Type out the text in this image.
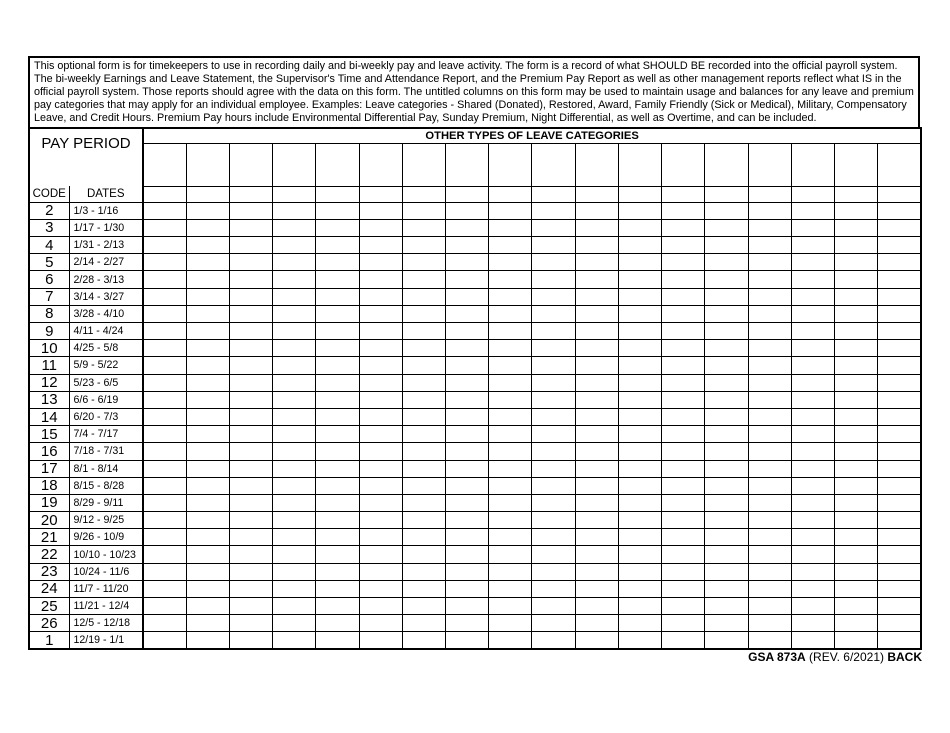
This optional form is for timekeepers to use in recording daily and bi-weekly pay and leave activity. The form is a record of what SHOULD BE recorded into the official payroll system. The bi-weekly Earnings and Leave Statement, the Supervisor's Time and Attendance Report, and the Premium Pay Report as well as other management reports reflect what IS in the official payroll system. Those reports should agree with the data on this form. The untitled columns on this form may be used to maintain usage and balances for any leave and premium pay categories that may apply for an individual employee. Examples: Leave categories - Shared (Donated), Restored, Award, Family Friendly (Sick or Medical), Military, Compensatory Leave, and Credit Hours. Premium Pay hours include Environmental Differential Pay, Sunday Premium, Night Differential, as well as Overtime, and can be included.
PAY PERIOD		OTHER TYPES OF LEAVE CATEGORIES																	

CODE	DATES																		
2	1/3 - 1/16																		
3	1/17 - 1/30																		
4	1/31 - 2/13																		
5	2/14 - 2/27																		
6	2/28 - 3/13																		
7	3/14 - 3/27																		
8	3/28 - 4/10																		
9	4/11 - 4/24																		
10	4/25 - 5/8																		
11	5/9 - 5/22																		
12	5/23 - 6/5																		
13	6/6 - 6/19																		
14	6/20 - 7/3																		
15	7/4 - 7/17																		
16	7/18 - 7/31																		
17	8/1 - 8/14																		
18	8/15 - 8/28																		
19	8/29 - 9/11																		
20	9/12 - 9/25																		
21	9/26 - 10/9																		
22	10/10 - 10/23																		
23	10/24 - 11/6																		
24	11/7 - 11/20																		
25	11/21 - 12/4																		
26	12/5 - 12/18																		
1	12/19 - 1/1																		
GSA 873A (REV. 6/2021) BACK
